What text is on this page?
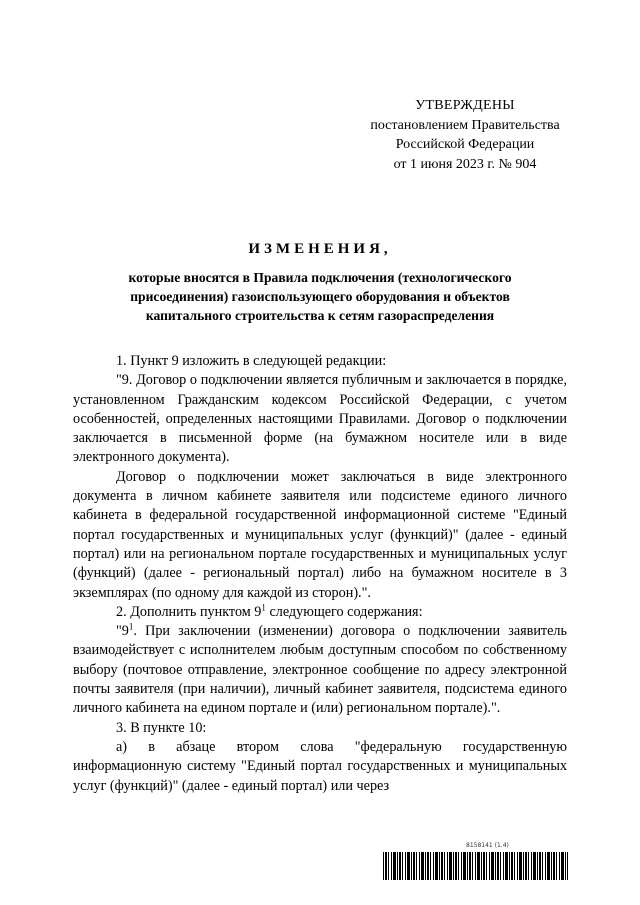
УТВЕРЖДЕНЫ
постановлением Правительства
Российской Федерации
от 1 июня 2023 г. № 904
ИЗМЕНЕНИЯ,
которые вносятся в Правила подключения (технологического присоединения) газоиспользующего оборудования и объектов капитального строительства к сетям газораспределения

1. Пункт 9 изложить в следующей редакции:

"9. Договор о подключении является публичным и заключается в порядке, установленном Гражданским кодексом Российской Федерации, с учетом особенностей, определенных настоящими Правилами. Договор о подключении заключается в письменной форме (на бумажном носителе или в виде электронного документа).

Договор о подключении может заключаться в виде электронного документа в личном кабинете заявителя или подсистеме единого личного кабинета в федеральной государственной информационной системе "Единый портал государственных и муниципальных услуг (функций)" (далее - единый портал) или на региональном портале государственных и муниципальных услуг (функций) (далее - региональный портал) либо на бумажном носителе в 3 экземплярах (по одному для каждой из сторон).".

2. Дополнить пунктом $9^1$ следующего содержания:

"$9^1$. При заключении (изменении) договора о подключении заявитель взаимодействует с исполнителем любым доступным способом по собственному выбору (почтовое отправление, электронное сообщение по адресу электронной почты заявителя (при наличии), личный кабинет заявителя, подсистема единого личного кабинета на едином портале и (или) региональном портале).".

3. В пункте 10:

а) в абзаце втором слова "федеральную государственную информационную систему "Единый портал государственных и муниципальных услуг (функций)" (далее - единый портал) или через

8158141 (1.4)
